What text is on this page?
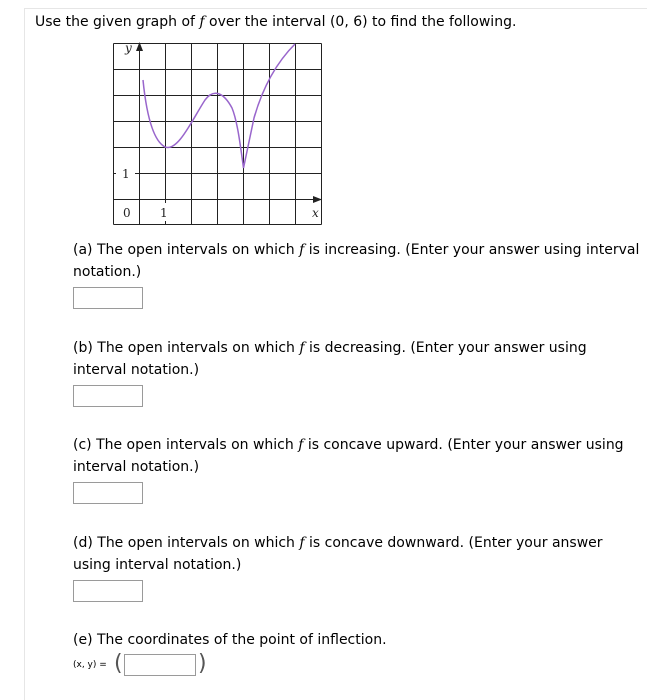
Use the given graph of f over the interval (0, 6) to find the following.
y
x
1
0 1
(a) The open intervals on which f is increasing. (Enter your answer using interval notation.)
(b) The open intervals on which f is decreasing. (Enter your answer using interval notation.)
(c) The open intervals on which f is concave upward. (Enter your answer using interval notation.)
(d) The open intervals on which f is concave downward. (Enter your answer using interval notation.)
(e) The coordinates of the point of inflection.
(x, y) = (	)
